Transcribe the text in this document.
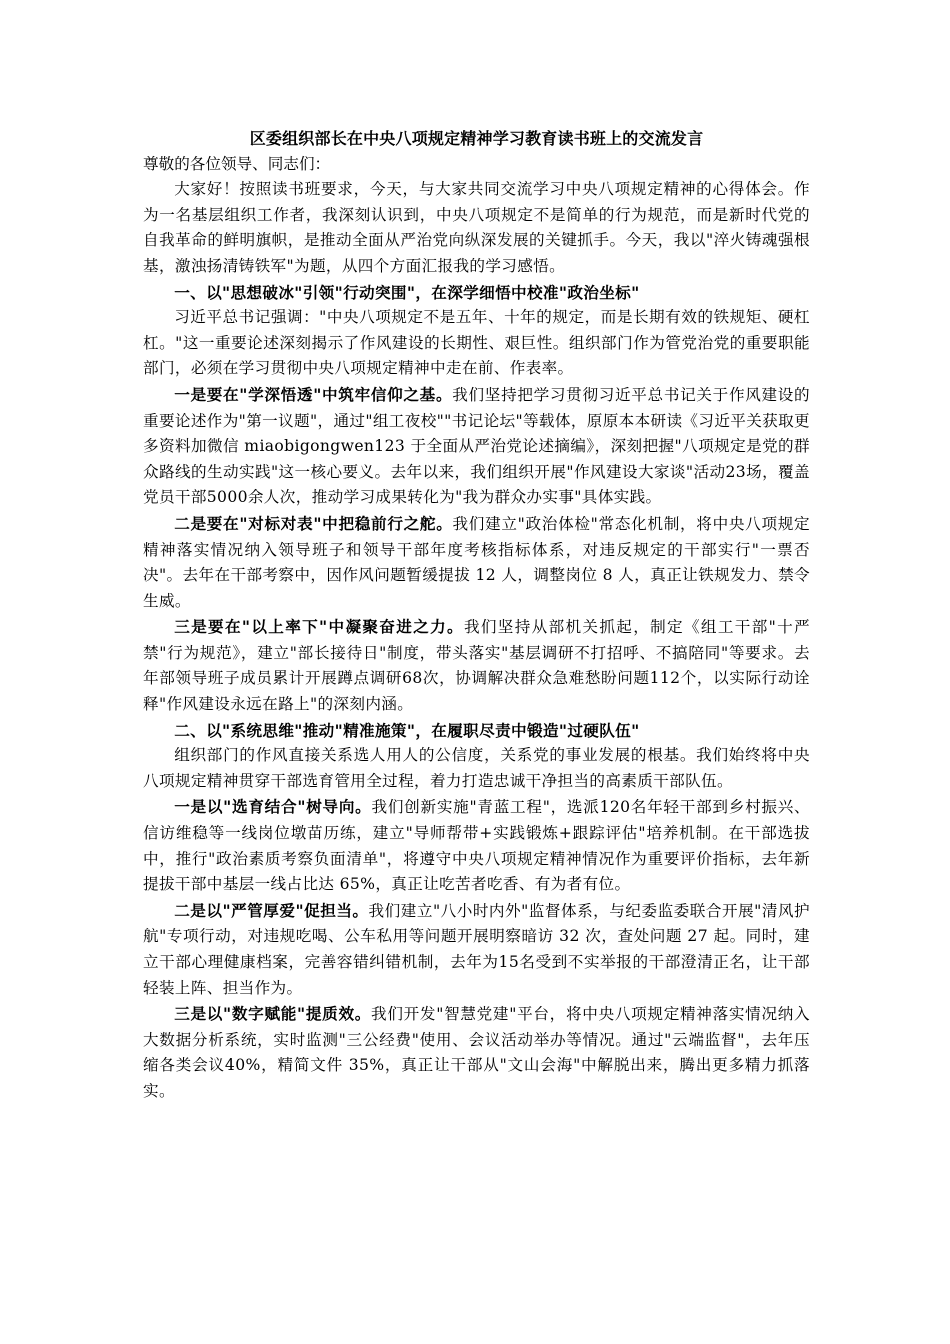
区委组织部长在中央八项规定精神学习教育读书班上的交流发言

尊敬的各位领导、同志们：

大家好！按照读书班要求，今天，与大家共同交流学习中央八项规定精神的心得体会。作为一名基层组织工作者，我深刻认识到，中央八项规定不是简单的行为规范，而是新时代党的自我革命的鲜明旗帜，是推动全面从严治党向纵深发展的关键抓手。今天，我以"淬火铸魂强根基，激浊扬清铸铁军"为题，从四个方面汇报我的学习感悟。

一、以"思想破冰"引领"行动突围"，在深学细悟中校准"政治坐标"

习近平总书记强调："中央八项规定不是五年、十年的规定，而是长期有效的铁规矩、硬杠杠。"这一重要论述深刻揭示了作风建设的长期性、艰巨性。组织部门作为管党治党的重要职能部门，必须在学习贯彻中央八项规定精神中走在前、作表率。

一是要在"学深悟透"中筑牢信仰之基。我们坚持把学习贯彻习近平总书记关于作风建设的重要论述作为"第一议题"，通过"组工夜校""书记论坛"等载体，原原本本研读《习近平关获取更多资料加微信 miaobigongwen123 于全面从严治党论述摘编》，深刻把握"八项规定是党的群众路线的生动实践"这一核心要义。去年以来，我们组织开展"作风建设大家谈"活动23场，覆盖党员干部5000余人次，推动学习成果转化为"我为群众办实事"具体实践。

二是要在"对标对表"中把稳前行之舵。我们建立"政治体检"常态化机制，将中央八项规定精神落实情况纳入领导班子和领导干部年度考核指标体系，对违反规定的干部实行"一票否决"。去年在干部考察中，因作风问题暂缓提拔 12 人，调整岗位 8 人，真正让铁规发力、禁令生威。

三是要在"以上率下"中凝聚奋进之力。我们坚持从部机关抓起，制定《组工干部"十严禁"行为规范》，建立"部长接待日"制度，带头落实"基层调研不打招呼、不搞陪同"等要求。去年部领导班子成员累计开展蹲点调研68次，协调解决群众急难愁盼问题112个，以实际行动诠释"作风建设永远在路上"的深刻内涵。

二、以"系统思维"推动"精准施策"，在履职尽责中锻造"过硬队伍"

组织部门的作风直接关系选人用人的公信度，关系党的事业发展的根基。我们始终将中央八项规定精神贯穿干部选育管用全过程，着力打造忠诚干净担当的高素质干部队伍。

一是以"选育结合"树导向。我们创新实施"青蓝工程"，选派120名年轻干部到乡村振兴、信访维稳等一线岗位墩苗历练，建立"导师帮带+实践锻炼+跟踪评估"培养机制。在干部选拔中，推行"政治素质考察负面清单"，将遵守中央八项规定精神情况作为重要评价指标，去年新提拔干部中基层一线占比达 65%，真正让吃苦者吃香、有为者有位。

二是以"严管厚爱"促担当。我们建立"八小时内外"监督体系，与纪委监委联合开展"清风护航"专项行动，对违规吃喝、公车私用等问题开展明察暗访 32 次，查处问题 27 起。同时，建立干部心理健康档案，完善容错纠错机制，去年为15名受到不实举报的干部澄清正名，让干部轻装上阵、担当作为。

三是以"数字赋能"提质效。我们开发"智慧党建"平台，将中央八项规定精神落实情况纳入大数据分析系统，实时监测"三公经费"使用、会议活动举办等情况。通过"云端监督"，去年压缩各类会议40%，精简文件 35%，真正让干部从"文山会海"中解脱出来，腾出更多精力抓落实。
